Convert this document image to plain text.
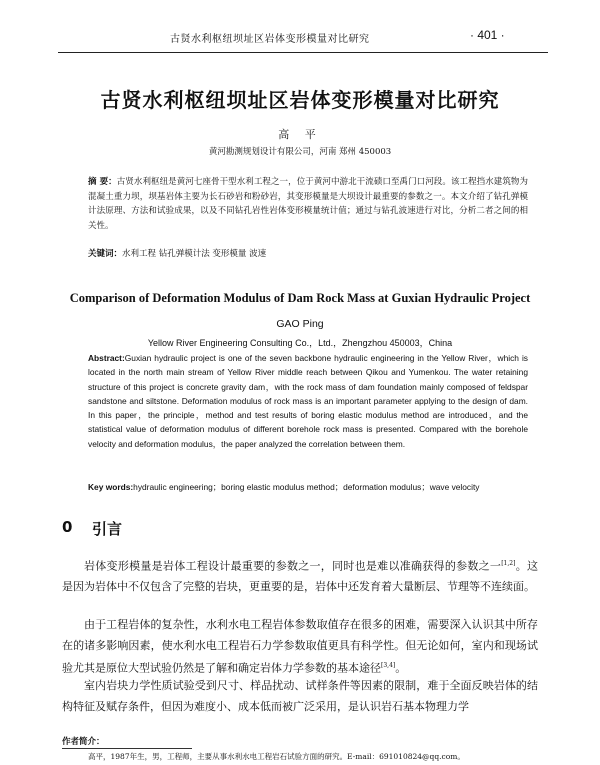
古贤水利枢纽坝址区岩体变形模量对比研究	· 401 ·
古贤水利枢纽坝址区岩体变形模量对比研究
高 平
黄河勘测规划设计有限公司，河南 郑州 450003
摘 要：古贤水利枢纽是黄河七座骨干型水利工程之一，位于黄河中游北干流碛口至禹门口河段。该工程挡水建筑物为混凝土重力坝，坝基岩体主要为长石砂岩和粉砂岩，其变形模量是大坝设计最重要的参数之一。本文介绍了钻孔弹模计法原理、方法和试验成果，以及不同钻孔岩性岩体变形模量统计值；通过与钻孔波速进行对比，分析二者之间的相关性。
关键词：水利工程 钻孔弹模计法 变形模量 波速
Comparison of Deformation Modulus of Dam Rock Mass at Guxian Hydraulic Project
GAO Ping
Yellow River Engineering Consulting Co.，Ltd.，Zhengzhou 450003，China
Abstract:Guxian hydraulic project is one of the seven backbone hydraulic engineering in the Yellow River，which is located in the north main stream of Yellow River middle reach between Qikou and Yumenkou. The water retaining structure of this project is concrete gravity dam，with the rock mass of dam foundation mainly composed of feldspar sandstone and siltstone. Deformation modulus of rock mass is an important parameter applying to the design of dam. In this paper，the principle，method and test results of boring elastic modulus method are introduced，and the statistical value of deformation modulus of different borehole rock mass is presented. Compared with the borehole velocity and deformation modulus，the paper analyzed the correlation between them.
Key words:hydraulic engineering；boring elastic modulus method；deformation modulus；wave velocity
0 引言
岩体变形模量是岩体工程设计最重要的参数之一，同时也是难以准确获得的参数之一[1,2]。这是因为岩体中不仅包含了完整的岩块，更重要的是，岩体中还发育着大量断层、节理等不连续面。
由于工程岩体的复杂性，水利水电工程岩体参数取值存在很多的困难，需要深入认识其中所存在的诸多影响因素，使水利水电工程岩石力学参数取值更具有科学性。但无论如何，室内和现场试验尤其是原位大型试验仍然是了解和确定岩体力学参数的基本途径[3,4]。
室内岩块力学性质试验受到尺寸、样品扰动、试样条件等因素的限制，难于全面反映岩体的结构特征及赋存条件，但因为难度小、成本低而被广泛采用，是认识岩石基本物理力学
作者简介：
高平，1987年生，男，工程师，主要从事水利水电工程岩石试验方面的研究。E-mail：691010824@qq.com。
